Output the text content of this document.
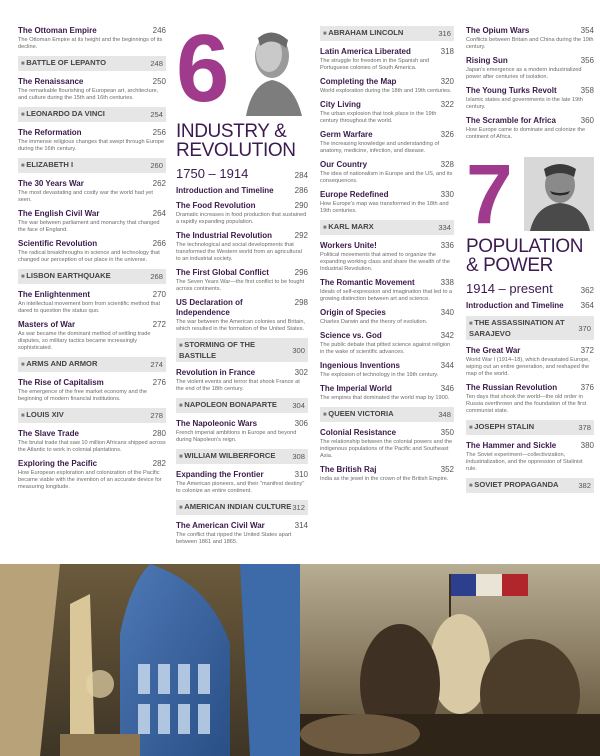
The Ottoman Empire	246
The Ottoman Empire at its height and the beginnings of its decline.
■ BATTLE OF LEPANTO	248
The Renaissance	250
The remarkable flourishing of European art, architecture, and culture during the 15th and 16th centuries.
■ LEONARDO DA VINCI	254
The Reformation	256
The immense religious changes that swept through Europe during the 16th century.
■ ELIZABETH I	260
The 30 Years War	262
The most devastating and costly war the world had yet seen.
The English Civil War	264
The war between parliament and monarchy that changed the face of England.
Scientific Revolution	266
The radical breakthroughs in science and technology that changed our perception of our place in the universe.
■ LISBON EARTHQUAKE	268
The Enlightenment	270
An intellectual movement born from scientific method that dared to question the status quo.
Masters of War	272
As war became the dominant method of settling trade disputes, so military tactics became increasingly sophisticated.
■ ARMS AND ARMOR	274
The Rise of Capitalism	276
The emergence of the free market economy and the beginning of modern financial institutions.
■ LOUIS XIV	278
The Slave Trade	280
The brutal trade that saw 10 million Africans shipped across the Atlantic to work in colonial plantations.
Exploring the Pacific	282
How European exploration and colonization of the Pacific became viable with the invention of an accurate device for measuring longitude.
6
INDUSTRY & REVOLUTION
1750 – 1914	284
Introduction and Timeline	286
The Food Revolution	290
Dramatic increases in food production that sustained a rapidly expanding population.
The Industrial Revolution	292
The technological and social developments that transformed the Western world from an agricultural to an industrial society.
The First Global Conflict	296
The Seven Years War—the first conflict to be fought across continents.
US Declaration of Independence
298
The war between the American colonies and Britain, which resulted in the formation of the United States.
■ STORMING OF THE BASTILLE
300
Revolution in France	302
The violent events and terror that shook France at the end of the 18th century.
■ NAPOLEON BONAPARTE 304
The Napoleonic Wars	306
French imperial ambitions in Europe and beyond during Napoleon's reign.
■ WILLIAM WILBERFORCE 308
Expanding the Frontier	310
The American pioneers, and their "manifest destiny" to colonize an entire continent.
■ AMERICAN INDIAN CULTURE 312
The American Civil War	314
The conflict that ripped the United States apart between 1861 and 1865.
■ ABRAHAM LINCOLN	316
Latin America Liberated	318
The struggle for freedom in the Spanish and Portuguese colonies of South America.
Completing the Map	320
World exploration during the 18th and 19th centuries.
City Living	322
The urban explosion that took place in the 19th century throughout the world.
Germ Warfare	326
The increasing knowledge and understanding of anatomy, medicine, infection, and disease.
Our Country	328
The idea of nationalism in Europe and the US, and its consequences.
Europe Redefined	330
How Europe's map was transformed in the 18th and 19th centuries.
■ KARL MARX	334
Workers Unite!	336
Political movements that aimed to organize the expanding working class and share the wealth of the Industrial Revolution.
The Romantic Movement	338
Ideals of self-expression and imagination that led to a growing distinction between art and science.
Origin of Species	340
Charles Darwin and the theory of evolution.
Science vs. God	342
The public debate that pitted science against religion in the wake of scientific advances.
Ingenious Inventions	344
The explosion of technology in the 19th century.
The Imperial World	346
The empires that dominated the world map by 1900.
■ QUEEN VICTORIA	348
Colonial Resistance	350
The relationship between the colonial powers and the indigenous populations of the Pacific and Southeast Asia.
The British Raj	352
India as the jewel in the crown of the British Empire.
The Opium Wars	354
Conflicts between Britain and China during the 19th century.
Rising Sun	356
Japan's emergence as a modern industrialized power after centuries of isolation.
The Young Turks Revolt	358
Islamic states and governments in the late 19th century.
The Scramble for Africa	360
How Europe came to dominate and colonize the continent of Africa.
7
POPULATION & POWER
1914 – present	362
Introduction and Timeline 364
■ THE ASSASSINATION AT SARAJEVO
370
The Great War	372
World War I (1914–18), which devastated Europe, wiping out an entire generation, and reshaped the map of the world.
The Russian Revolution	376
Ten days that shook the world—the old order in Russia overthrown and the foundation of the first communist state.
■ JOSEPH STALIN	378
The Hammer and Sickle	380
The Soviet experiment—collectivization, industrialization, and the oppression of Stalinist rule.
■ SOVIET PROPAGANDA	382
